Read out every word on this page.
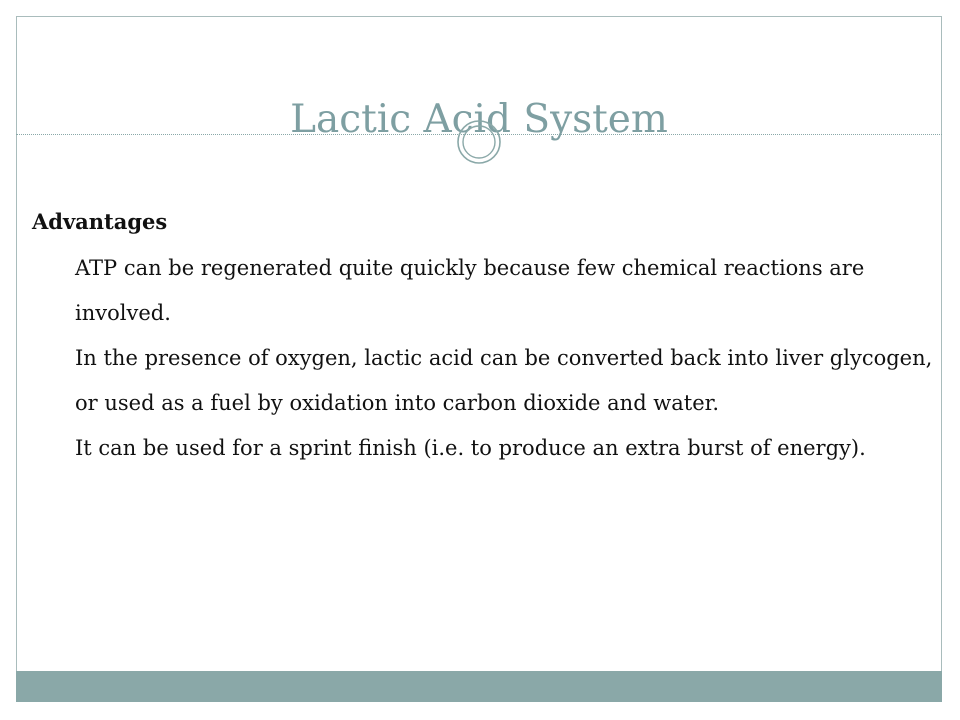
Lactic Acid System

Advantages

ATP can be regenerated quite quickly because few chemical reactions are involved.

In the presence of oxygen, lactic acid can be converted back into liver glycogen, or used as a fuel by oxidation into carbon dioxide and water.

It can be used for a sprint finish (i.e. to produce an extra burst of energy).
